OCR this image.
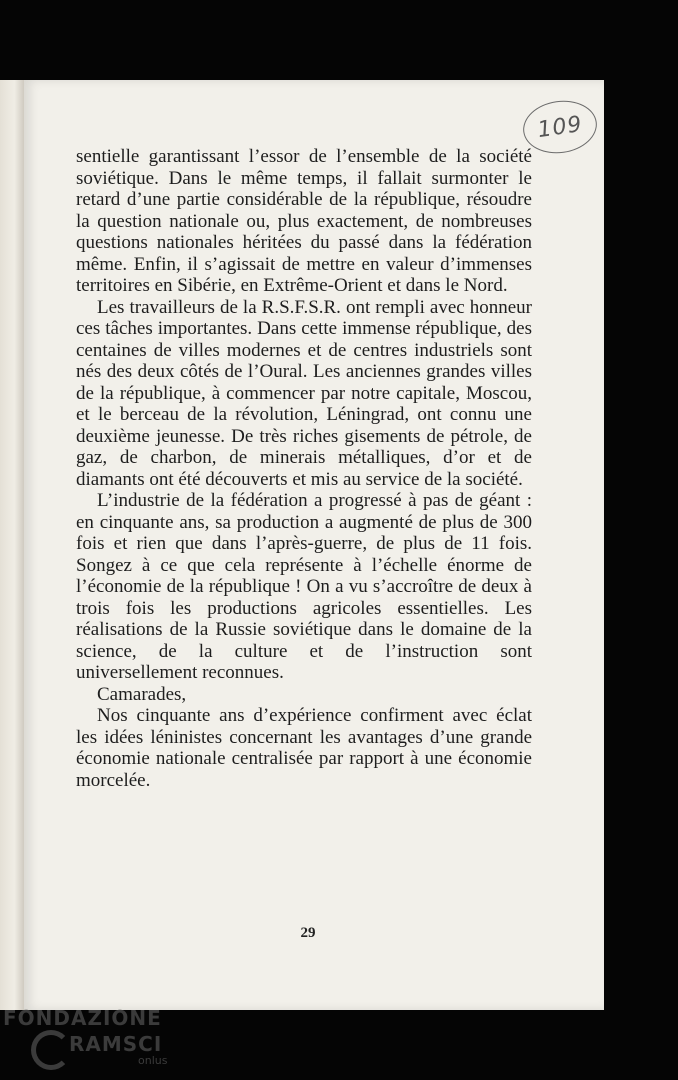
109

sentielle garantissant l’essor de l’ensemble de la société soviétique. Dans le même temps, il fallait surmonter le retard d’une partie considérable de la république, résoudre la question nationale ou, plus exactement, de nombreuses questions nationales héritées du passé dans la fédération même. Enfin, il s’agissait de mettre en valeur d’immenses territoires en Sibérie, en Extrême-Orient et dans le Nord.

Les travailleurs de la R.S.F.S.R. ont rempli avec honneur ces tâches importantes. Dans cette immense république, des centaines de villes modernes et de centres industriels sont nés des deux côtés de l’Oural. Les anciennes grandes villes de la république, à commencer par notre capitale, Moscou, et le berceau de la révolution, Léningrad, ont connu une deuxième jeunesse. De très riches gisements de pétrole, de gaz, de charbon, de minerais métalliques, d’or et de diamants ont été découverts et mis au service de la société.

L’industrie de la fédération a progressé à pas de géant : en cinquante ans, sa production a augmenté de plus de 300 fois et rien que dans l’après-guerre, de plus de 11 fois. Songez à ce que cela représente à l’échelle énorme de l’économie de la république ! On a vu s’accroître de deux à trois fois les productions agricoles essentielles. Les réalisations de la Russie soviétique dans le domaine de la science, de la culture et de l’instruction sont universellement reconnues.

Camarades,

Nos cinquante ans d’expérience confirment avec éclat les idées léninistes concernant les avantages d’une grande économie nationale centralisée par rapport à une économie morcelée.

29
FONDAZIONE
RAMSCI
onlus
